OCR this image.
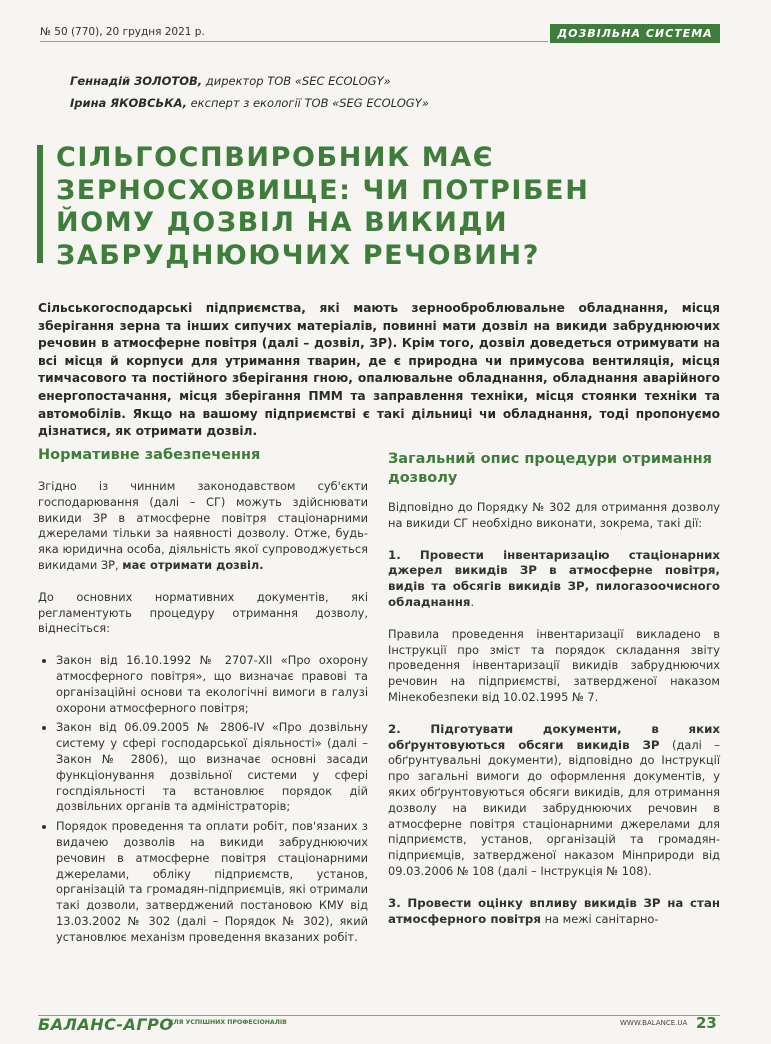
№ 50 (770), 20 грудня 2021 р.	ДОЗВІЛЬНА СИСТЕМА
Геннадій ЗОЛОТОВ, директор ТОВ «SEC ECOLOGY»
Ірина ЯКОВСЬКА, експерт з екології ТОВ «SEG ECOLOGY»
СІЛЬГОСПВИРОБНИК МАЄ ЗЕРНОСХОВИЩЕ: ЧИ ПОТРІБЕН ЙОМУ ДОЗВІЛ НА ВИКИДИ ЗАБРУДНЮЮЧИХ РЕЧОВИН?

Сільськогосподарські підприємства, які мають зернооброблювальне обладнання, місця зберігання зерна та інших сипучих матеріалів, повинні мати дозвіл на викиди забруднюючих речовин в атмосферне повітря (далі – дозвіл, ЗР). Крім того, дозвіл доведеться отримувати на всі місця й корпуси для утримання тварин, де є природна чи примусова вентиляція, місця тимчасового та постійного зберігання гною, опалювальне обладнання, обладнання аварійного енергопостачання, місця зберігання ПММ та заправлення техніки, місця стоянки техніки та автомобілів. Якщо на вашому підприємстві є такі дільниці чи обладнання, тоді пропонуємо дізнатися, як отримати дозвіл.

Нормативне забезпечення

Згідно із чинним законодавством суб'єкти господарювання (далі – СГ) можуть здійснювати викиди ЗР в атмосферне повітря стаціонарними джерелами тільки за наявності дозволу. Отже, будь-яка юридична особа, діяльність якої супроводжується викидами ЗР, має отримати дозвіл.

До основних нормативних документів, які регламентують процедуру отримання дозволу, віднесіться:

• Закон від 16.10.1992 № 2707-XII «Про охорону атмосферного повітря», що визначає правові та організаційні основи та екологічні вимоги в галузі охорони атмосферного повітря;
• Закон від 06.09.2005 № 2806-IV «Про дозвільну систему у сфері господарської діяльності» (далі – Закон № 2806), що визначає основні засади функціонування дозвільної системи у сфері госпдіяльності та встановлює порядок дій дозвільних органів та адміністраторів;
• Порядок проведення та оплати робіт, пов'язаних з видачею дозволів на викиди забруднюючих речовин в атмосферне повітря стаціонарними джерелами, обліку підприємств, установ, організацій та громадян-підприємців, які отримали такі дозволи, затверджений постановою КМУ від 13.03.2002 № 302 (далі – Порядок № 302), який установлює механізм проведення вказаних робіт.
Загальний опис процедури отримання дозволу

Відповідно до Порядку № 302 для отримання дозволу на викиди СГ необхідно виконати, зокрема, такі дії:

1. Провести інвентаризацію стаціонарних джерел викидів ЗР в атмосферне повітря, видів та обсягів викидів ЗР, пилогазоочисного обладнання.

Правила проведення інвентаризації викладено в Інструкції про зміст та порядок складання звіту проведення інвентаризації викидів забруднюючих речовин на підприємстві, затвердженої наказом Мінекобезпеки від 10.02.1995 № 7.

2. Підготувати документи, в яких обґрунтовуються обсяги викидів ЗР (далі – обґрунтувальні документи), відповідно до Інструкції про загальні вимоги до оформлення документів, у яких обґрунтовуються обсяги викидів, для отримання дозволу на викиди забруднюючих речовин в атмосферне повітря стаціонарними джерелами для підприємств, установ, організацій та громадян-підприємців, затвердженої наказом Мінприроди від 09.03.2006 № 108 (далі – Інструкція № 108).

3. Провести оцінку впливу викидів ЗР на стан атмосферного повітря на межі санітарно-

БАЛАНС-АГРО
ДЛЯ УСПІШНИХ ПРОФЕСІОНАЛІВ	WWW.BALANCE.UA 23
